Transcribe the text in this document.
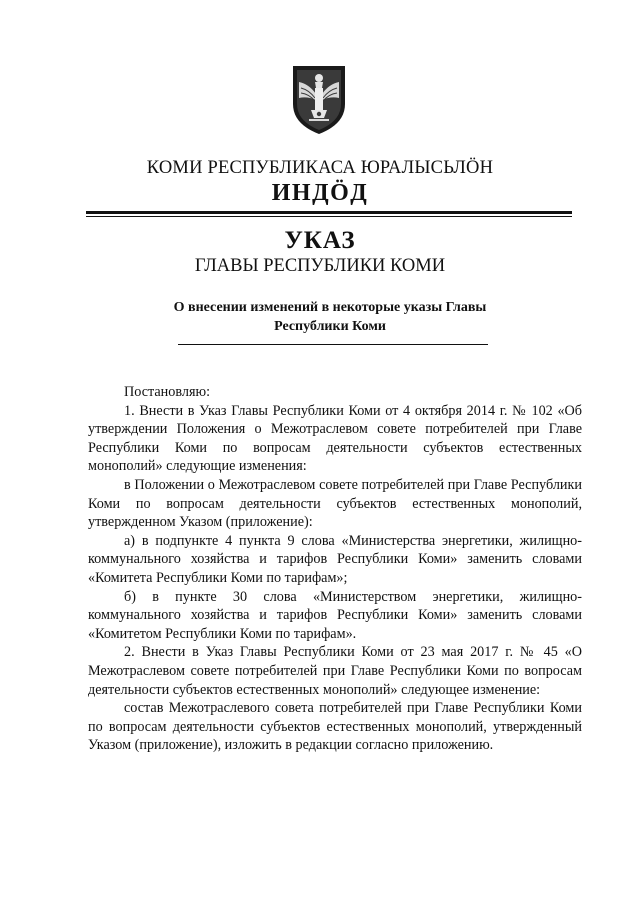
КОМИ РЕСПУБЛИКАСА ЮРАЛЫСЬЛÖН
ИНДÖД
УКАЗ
ГЛАВЫ РЕСПУБЛИКИ КОМИ
О внесении изменений в некоторые указы Главы
Республики Коми

Постановляю:

1. Внести в Указ Главы Республики Коми от 4 октября 2014 г. № 102 «Об утверждении Положения о Межотраслевом совете потребителей при Главе Республики Коми по вопросам деятельности субъектов естественных монополий» следующие изменения:

в Положении о Межотраслевом совете потребителей при Главе Республики Коми по вопросам деятельности субъектов естественных монополий, утвержденном Указом (приложение):

а) в подпункте 4 пункта 9 слова «Министерства энергетики, жилищно-коммунального хозяйства и тарифов Республики Коми» заменить словами «Комитета Республики Коми по тарифам»;

б) в пункте 30 слова «Министерством энергетики, жилищно-коммунального хозяйства и тарифов Республики Коми» заменить словами «Комитетом Республики Коми по тарифам».

2. Внести в Указ Главы Республики Коми от 23 мая 2017 г. № 45 «О Межотраслевом совете потребителей при Главе Республики Коми по вопросам деятельности субъектов естественных монополий» следующее изменение:

состав Межотраслевого совета потребителей при Главе Республики Коми по вопросам деятельности субъектов естественных монополий, утвержденный Указом (приложение), изложить в редакции согласно приложению.
